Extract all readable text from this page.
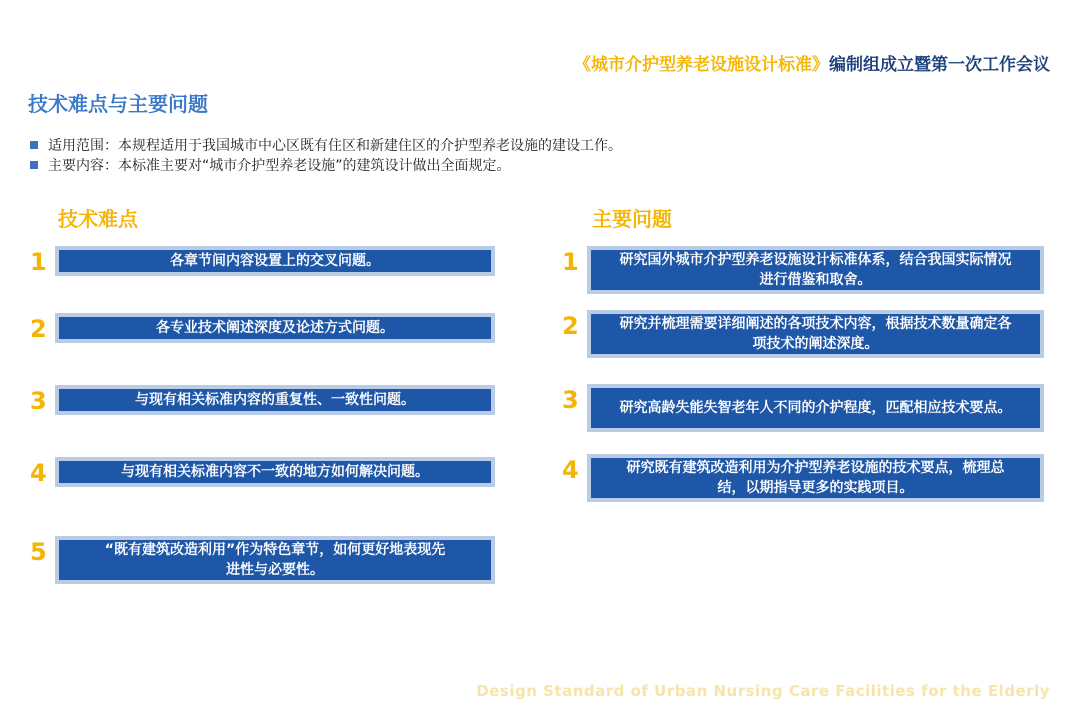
《城市介护型养老设施设计标准》编制组成立暨第一次工作会议
技术难点与主要问题
适用范围：本规程适用于我国城市中心区既有住区和新建住区的介护型养老设施的建设工作。
主要内容：本标准主要对“城市介护型养老设施”的建筑设计做出全面规定。
技术难点
1	各章节间内容设置上的交叉问题。
2	各专业技术阐述深度及论述方式问题。
3	与现有相关标准内容的重复性、一致性问题。
4	与现有相关标准内容不一致的地方如何解决问题。
5	“既有建筑改造利用”作为特色章节，如何更好地表现先进性与必要性。
主要问题
1	研究国外城市介护型养老设施设计标准体系，结合我国实际情况进行借鉴和取舍。
2	研究并梳理需要详细阐述的各项技术内容，根据技术数量确定各项技术的阐述深度。
3	研究高龄失能失智老年人不同的介护程度，匹配相应技术要点。
4	研究既有建筑改造利用为介护型养老设施的技术要点，梳理总结，以期指导更多的实践项目。
Design Standard of Urban Nursing Care Facilities for the Elderly
